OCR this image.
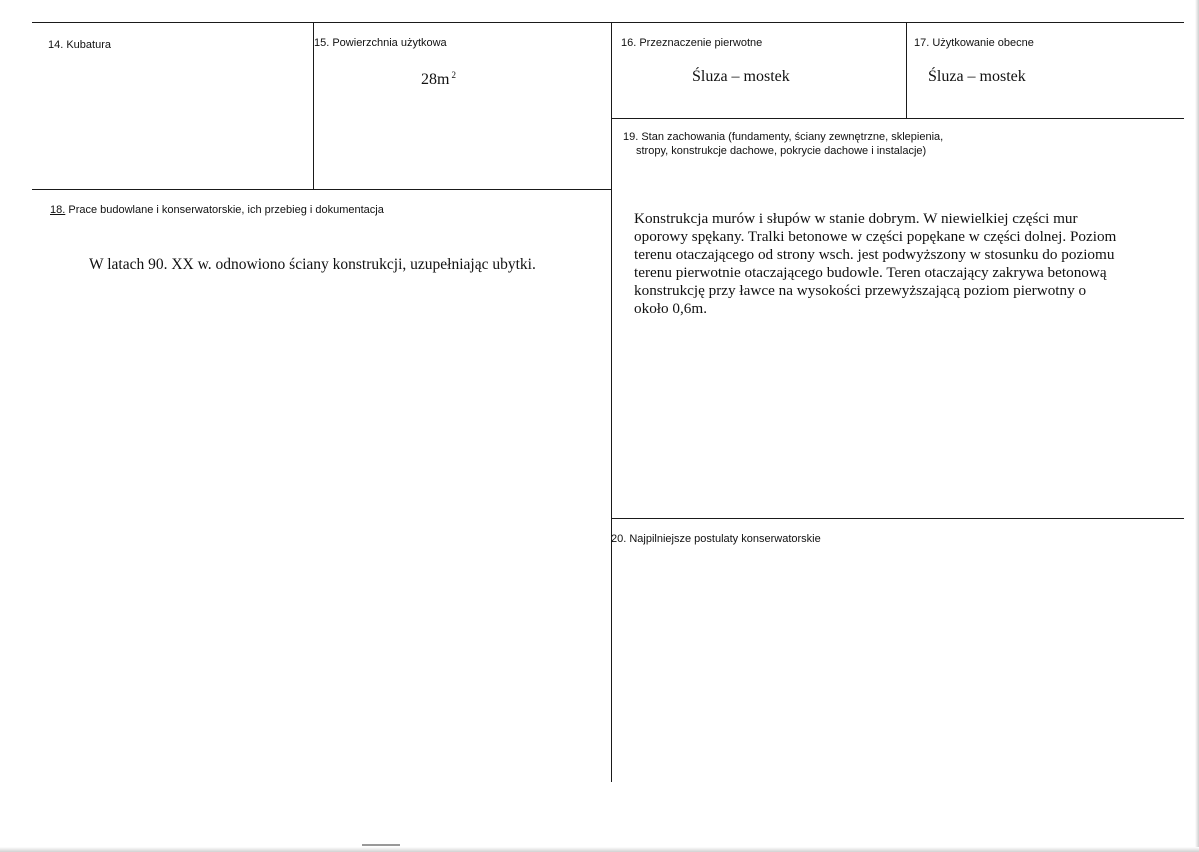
14. Kubatura	15. Powierzchnia użytkowa
28m $^2$
16. Przeznaczenie pierwotne
Śluza – mostek
17. Użytkowanie obecne
Śluza – mostek
19. Stan zachowania (fundamenty, ściany zewnętrzne, sklepienia,
stropy, konstrukcje dachowe, pokrycie dachowe i instalacje)

Konstrukcja murów i słupów w stanie dobrym. W niewielkiej części mur

oporowy spękany. Tralki betonowe w części popękane w części dolnej. Poziom

terenu otaczającego od strony wsch. jest podwyższony w stosunku do poziomu

terenu pierwotnie otaczającego budowle. Teren otaczający zakrywa betonową

konstrukcję przy ławce na wysokości przewyższającą poziom pierwotny o

około 0,6m.

18. Prace budowlane i konserwatorskie, ich przebieg i dokumentacja
W latach 90. XX w. odnowiono ściany konstrukcji, uzupełniając ubytki.
20. Najpilniejsze postulaty konserwatorskie
